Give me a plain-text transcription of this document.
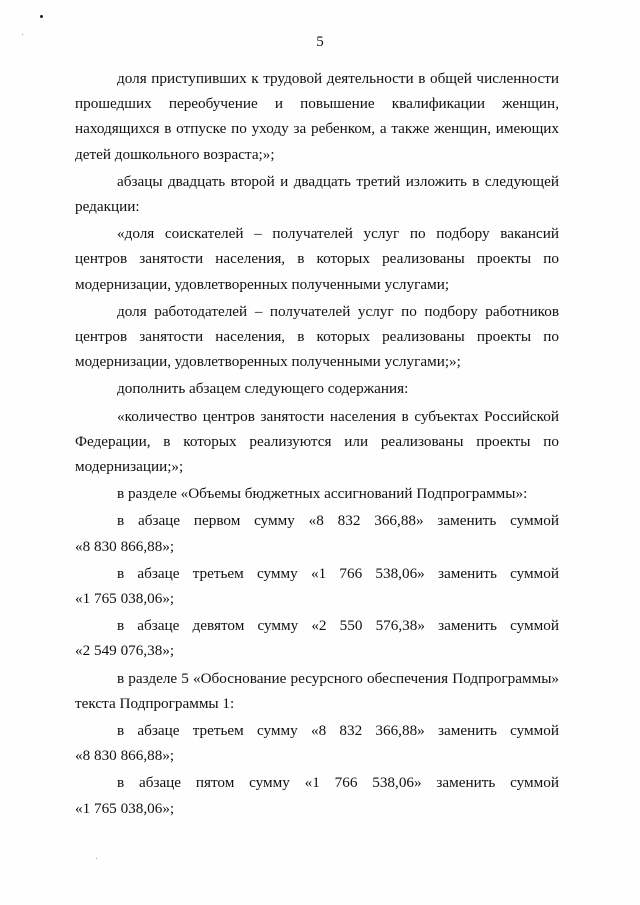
5

доля приступивших к трудовой деятельности в общей численности прошедших переобучение и повышение квалификации женщин, находящихся в отпуске по уходу за ребенком, а также женщин, имеющих детей дошкольного возраста;»;

абзацы двадцать второй и двадцать третий изложить в следующей редакции:

«доля соискателей – получателей услуг по подбору вакансий центров занятости населения, в которых реализованы проекты по модернизации, удовлетворенных полученными услугами;

доля работодателей – получателей услуг по подбору работников центров занятости населения, в которых реализованы проекты по модернизации, удовлетворенных полученными услугами;»;

дополнить абзацем следующего содержания:

«количество центров занятости населения в субъектах Российской Федерации, в которых реализуются или реализованы проекты по модернизации;»;

в разделе «Объемы бюджетных ассигнований Подпрограммы»:

в абзаце первом сумму «8 832 366,88» заменить суммой

«8 830 866,88»;

в абзаце третьем сумму «1 766 538,06» заменить суммой

«1 765 038,06»;

в абзаце девятом сумму «2 550 576,38» заменить суммой

«2 549 076,38»;

в разделе 5 «Обоснование ресурсного обеспечения Подпрограммы» текста Подпрограммы 1:

в абзаце третьем сумму «8 832 366,88» заменить суммой

«8 830 866,88»;

в абзаце пятом сумму «1 766 538,06» заменить суммой

«1 765 038,06»;
